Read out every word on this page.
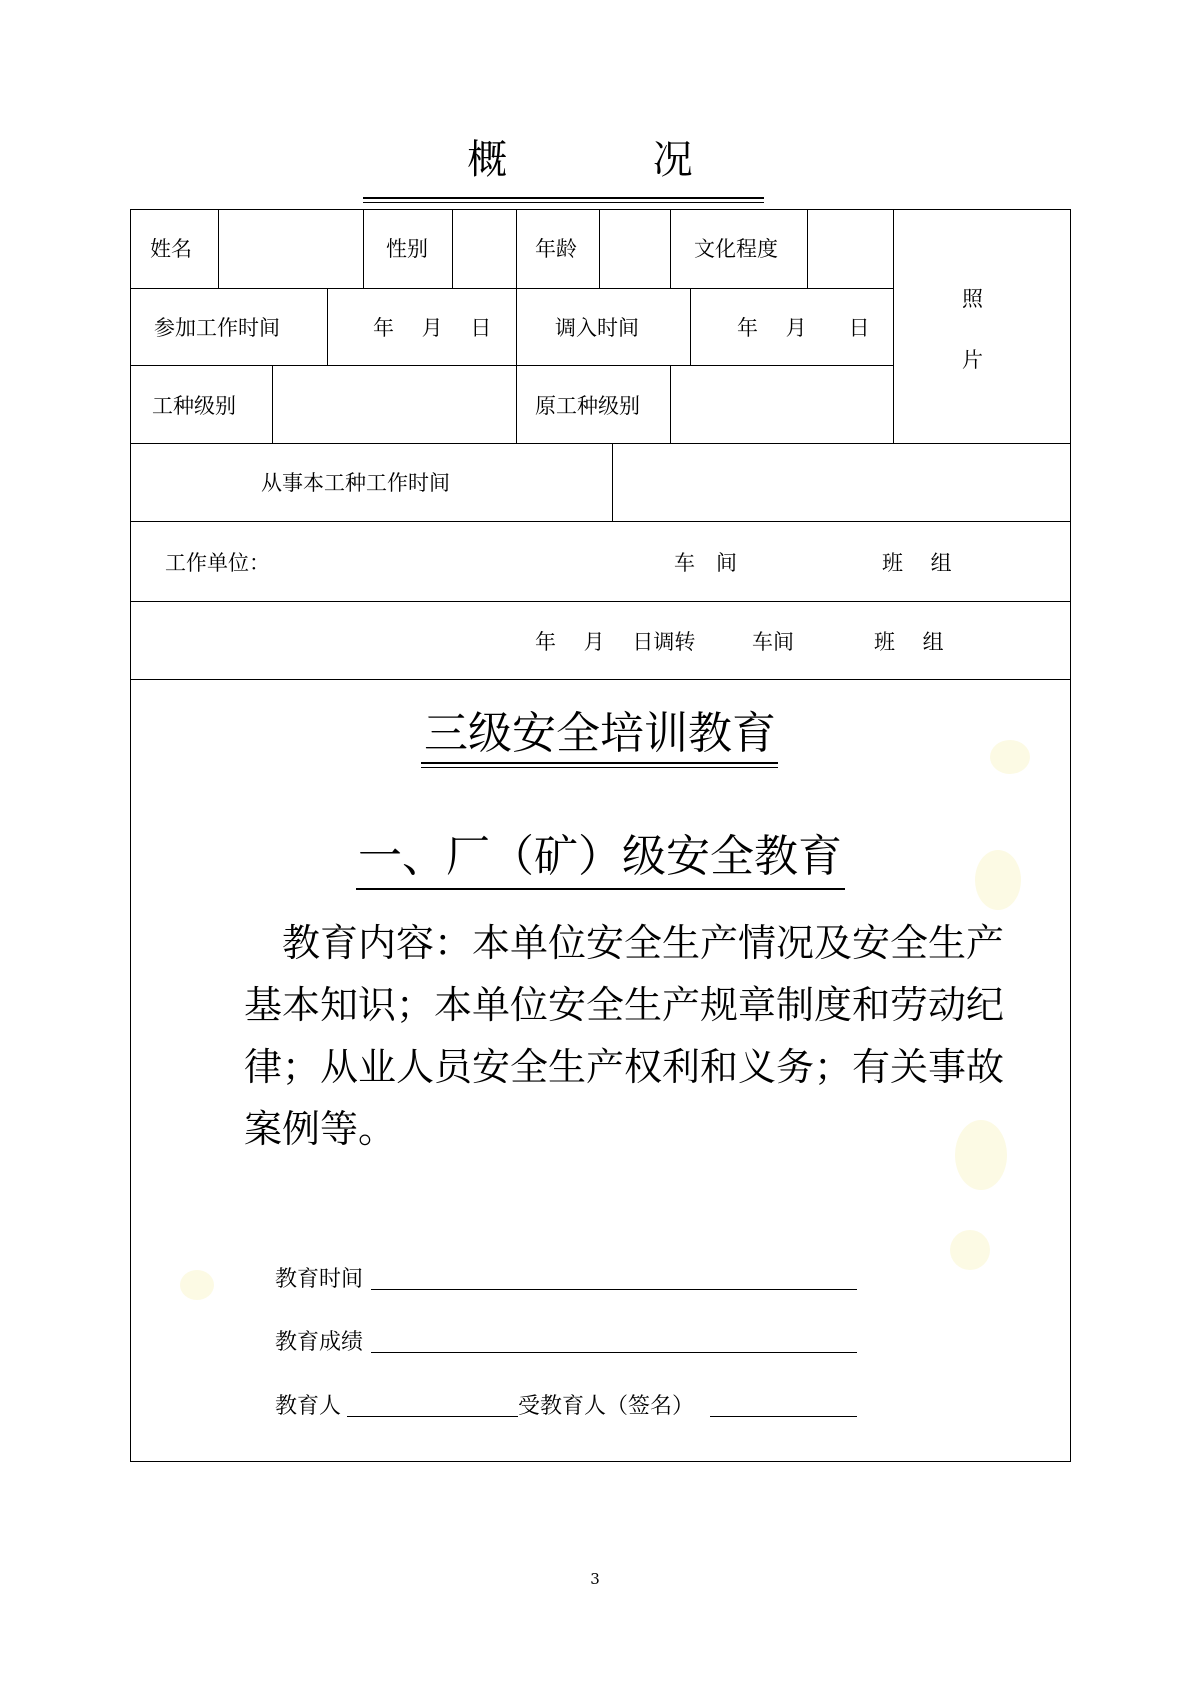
概	况
姓名	性别	年龄	文化程度
照
片
参加工作时间	年　 月　 日	调入时间	年　 月　　日
工种级别	原工种级别
从事本工种工作时间
工作单位：	车　间	班　 组
年　 月　 日调转	车间	班　 组
三级安全培训教育
一、厂（矿）级安全教育
　教育内容：本单位安全生产情况及安全生产
基本知识；本单位安全生产规章制度和劳动纪
律；从业人员安全生产权利和义务；有关事故
案例等。
教育时间
教育成绩
教育人	受教育人（签名）
3
